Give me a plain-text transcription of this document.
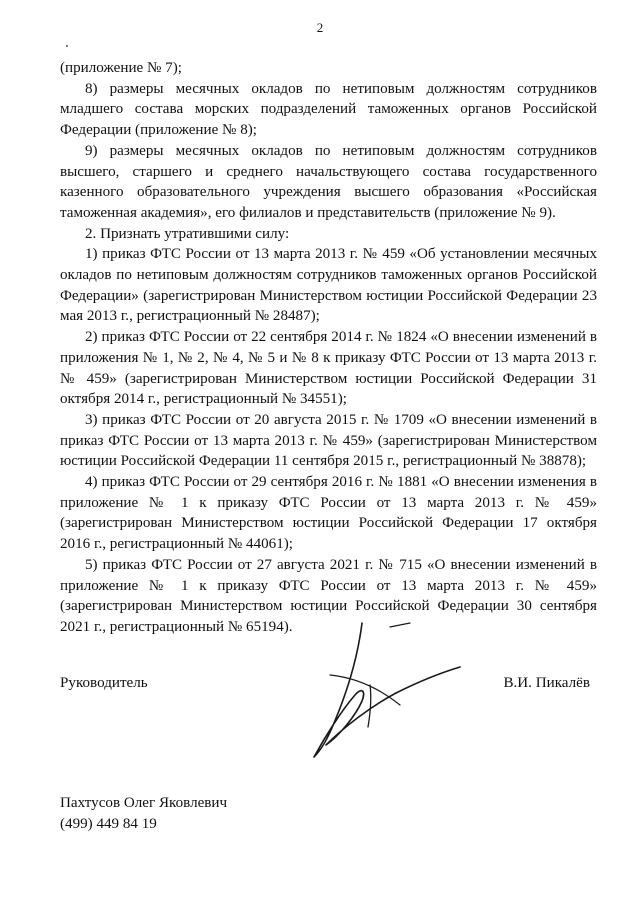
2

(приложение № 7);

8) размеры месячных окладов по нетиповым должностям сотрудников младшего состава морских подразделений таможенных органов Российской Федерации (приложение № 8);

9) размеры месячных окладов по нетиповым должностям сотрудников высшего, старшего и среднего начальствующего состава государственного казенного образовательного учреждения высшего образования «Российская таможенная академия», его филиалов и представительств (приложение № 9).

2. Признать утратившими силу:

1) приказ ФТС России от 13 марта 2013 г. № 459 «Об установлении месячных окладов по нетиповым должностям сотрудников таможенных органов Российской Федерации» (зарегистрирован Министерством юстиции Российской Федерации 23 мая 2013 г., регистрационный № 28487);

2) приказ ФТС России от 22 сентября 2014 г. № 1824 «О внесении изменений в приложения № 1, № 2, № 4, № 5 и № 8 к приказу ФТС России от 13 марта 2013 г. № 459» (зарегистрирован Министерством юстиции Российской Федерации 31 октября 2014 г., регистрационный № 34551);

3) приказ ФТС России от 20 августа 2015 г. № 1709 «О внесении изменений в приказ ФТС России от 13 марта 2013 г. № 459» (зарегистрирован Министерством юстиции Российской Федерации 11 сентября 2015 г., регистрационный № 38878);

4) приказ ФТС России от 29 сентября 2016 г. № 1881 «О внесении изменения в приложение № 1 к приказу ФТС России от 13 марта 2013 г. № 459» (зарегистрирован Министерством юстиции Российской Федерации 17 октября 2016 г., регистрационный № 44061);

5) приказ ФТС России от 27 августа 2021 г. № 715 «О внесении изменений в приложение № 1 к приказу ФТС России от 13 марта 2013 г. № 459» (зарегистрирован Министерством юстиции Российской Федерации 30 сентября 2021 г., регистрационный № 65194).

Руководитель	В.И. Пикалёв
Пахтусов Олег Яковлевич
(499) 449 84 19
